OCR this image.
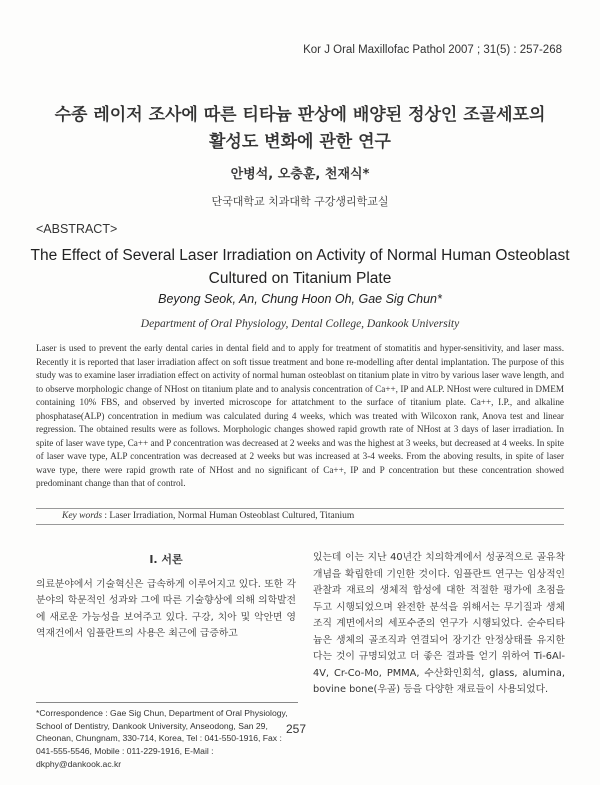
Kor J Oral Maxillofac Pathol 2007 ; 31(5) : 257-268
수종 레이저 조사에 따른 티타늄 판상에 배양된 정상인 조골세포의
활성도 변화에 관한 연구
안병석, 오충훈, 천재식*
단국대학교 치과대학 구강생리학교실
<ABSTRACT>
The Effect of Several Laser Irradiation on Activity of Normal Human Osteoblast
Cultured on Titanium Plate
Beyong Seok, An, Chung Hoon Oh, Gae Sig Chun*
Department of Oral Physiology, Dental College, Dankook University

Laser is used to prevent the early dental caries in dental field and to apply for treatment of stomatitis and hyper-sensitivity, and laser mass. Recently it is reported that laser irradiation affect on soft tissue treatment and bone re-modelling after dental implantation. The purpose of this study was to examine laser irradiation effect on activity of normal human osteoblast on titanium plate in vitro by various laser wave length, and to observe morphologic change of NHost on titanium plate and to analysis concentration of Ca++, IP and ALP. NHost were cultured in DMEM containing 10% FBS, and observed by inverted microscope for attatchment to the surface of titanium plate. Ca++, I.P., and alkaline phosphatase(ALP) concentration in medium was calculated during 4 weeks, which was treated with Wilcoxon rank, Anova test and linear regression. The obtained results were as follows. Morphologic changes showed rapid growth rate of NHost at 3 days of laser irradiation. In spite of laser wave type, Ca++ and P concentration was decreased at 2 weeks and was the highest at 3 weeks, but decreased at 4 weeks. In spite of laser wave type, ALP concentration was decreased at 2 weeks but was increased at 3-4 weeks. From the aboving results, in spite of laser wave type, there were rapid growth rate of NHost and no significant of Ca++, IP and P concentration but these concentration showed predominant change than that of control.

Key words : Laser Irradiation, Normal Human Osteoblast Cultured, Titanium
I. 서론

의료분야에서 기술혁신은 급속하게 이루어지고 있다. 또한 각 분야의 학문적인 성과와 그에 따른 기술향상에 의해 의학발전에 새로운 가능성을 보여주고 있다. 구강, 치아 및 악안면 영역재건에서 임플란트의 사용은 최근에 급증하고

있는데 이는 지난 40년간 치의학계에서 성공적으로 골유착 개념을 확립한데 기인한 것이다. 임플란트 연구는 임상적인 관찰과 재료의 생체적 합성에 대한 적절한 평가에 초점을 두고 시행되었으며 완전한 분석을 위해서는 무기질과 생체조직 계면에서의 세포수준의 연구가 시행되었다. 순수티타늄은 생체의 골조직과 연결되어 장기간 안정상태를 유지한다는 것이 규명되었고 더 좋은 결과를 얻기 위하여 Ti-6Al-4V, Cr-Co-Mo, PMMA, 수산화인회석, glass, alumina, bovine bone(우골) 등을 다양한 재료들이 사용되었다.

*Correspondence : Gae Sig Chun, Department of Oral Physiology, School of Dentistry, Dankook University, Anseodong, San 29, Cheonan, Chungnam, 330-714, Korea, Tel : 041-550-1916, Fax : 041-555-5546, Mobile : 011-229-1916, E-Mail : dkphy@dankook.ac.kr

257
